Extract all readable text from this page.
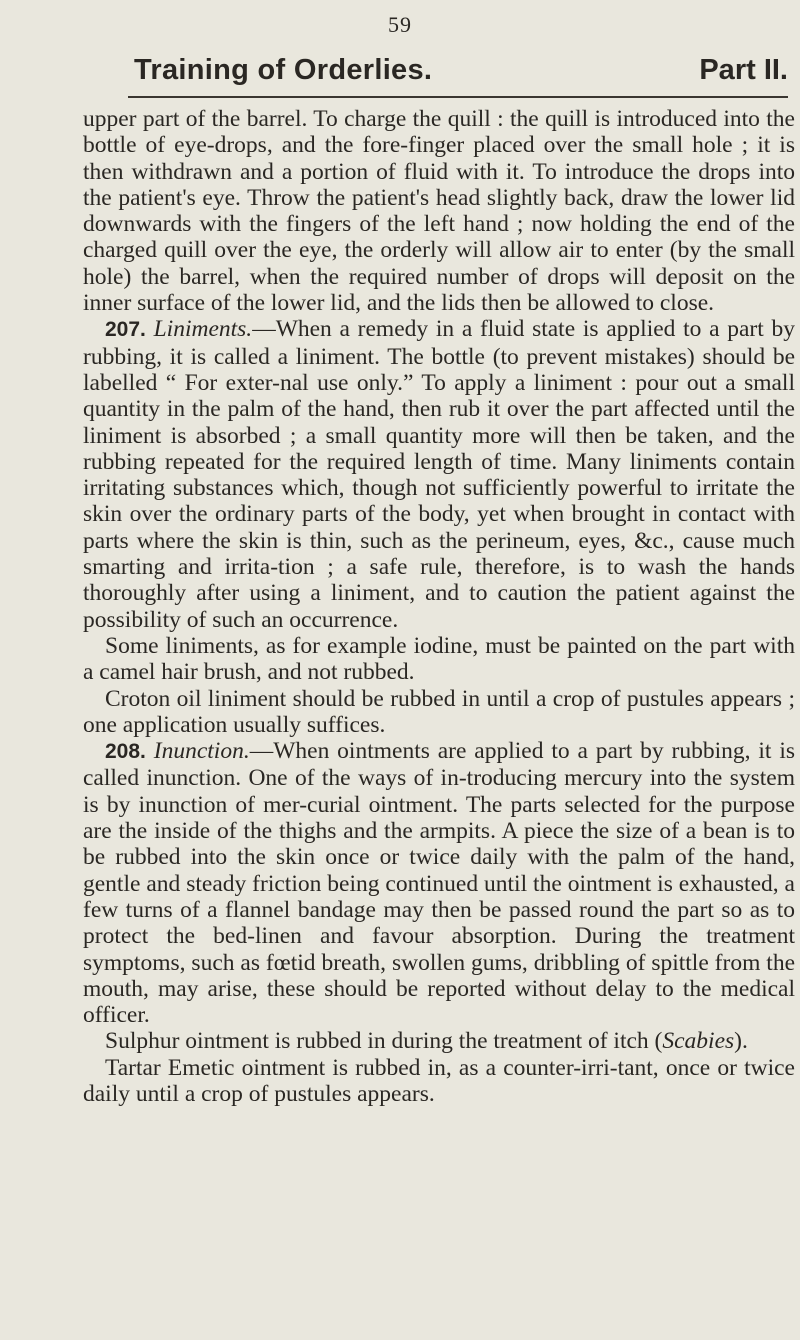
59
Training of Orderlies.	Part II.

upper part of the barrel. To charge the quill : the quill is introduced into the bottle of eye-drops, and the fore-finger placed over the small hole ; it is then withdrawn and a portion of fluid with it. To introduce the drops into the patient's eye. Throw the patient's head slightly back, draw the lower lid downwards with the fingers of the left hand ; now holding the end of the charged quill over the eye, the orderly will allow air to enter (by the small hole) the barrel, when the required number of drops will deposit on the inner surface of the lower lid, and the lids then be allowed to close.

207. Liniments.—When a remedy in a fluid state is applied to a part by rubbing, it is called a liniment. The bottle (to prevent mistakes) should be labelled “ For exter-nal use only.” To apply a liniment : pour out a small quantity in the palm of the hand, then rub it over the part affected until the liniment is absorbed ; a small quantity more will then be taken, and the rubbing repeated for the required length of time. Many liniments contain irritating substances which, though not sufficiently powerful to irritate the skin over the ordinary parts of the body, yet when brought in contact with parts where the skin is thin, such as the perineum, eyes, &c., cause much smarting and irrita-tion ; a safe rule, therefore, is to wash the hands thoroughly after using a liniment, and to caution the patient against the possibility of such an occurrence.

Some liniments, as for example iodine, must be painted on the part with a camel hair brush, and not rubbed.

Croton oil liniment should be rubbed in until a crop of pustules appears ; one application usually suffices.

208. Inunction.—When ointments are applied to a part by rubbing, it is called inunction. One of the ways of in-troducing mercury into the system is by inunction of mer-curial ointment. The parts selected for the purpose are the inside of the thighs and the armpits. A piece the size of a bean is to be rubbed into the skin once or twice daily with the palm of the hand, gentle and steady friction being continued until the ointment is exhausted, a few turns of a flannel bandage may then be passed round the part so as to protect the bed-linen and favour absorption. During the treatment symptoms, such as fœtid breath, swollen gums, dribbling of spittle from the mouth, may arise, these should be reported without delay to the medical officer.

Sulphur ointment is rubbed in during the treatment of itch (Scabies).

Tartar Emetic ointment is rubbed in, as a counter-irri-tant, once or twice daily until a crop of pustules appears.
